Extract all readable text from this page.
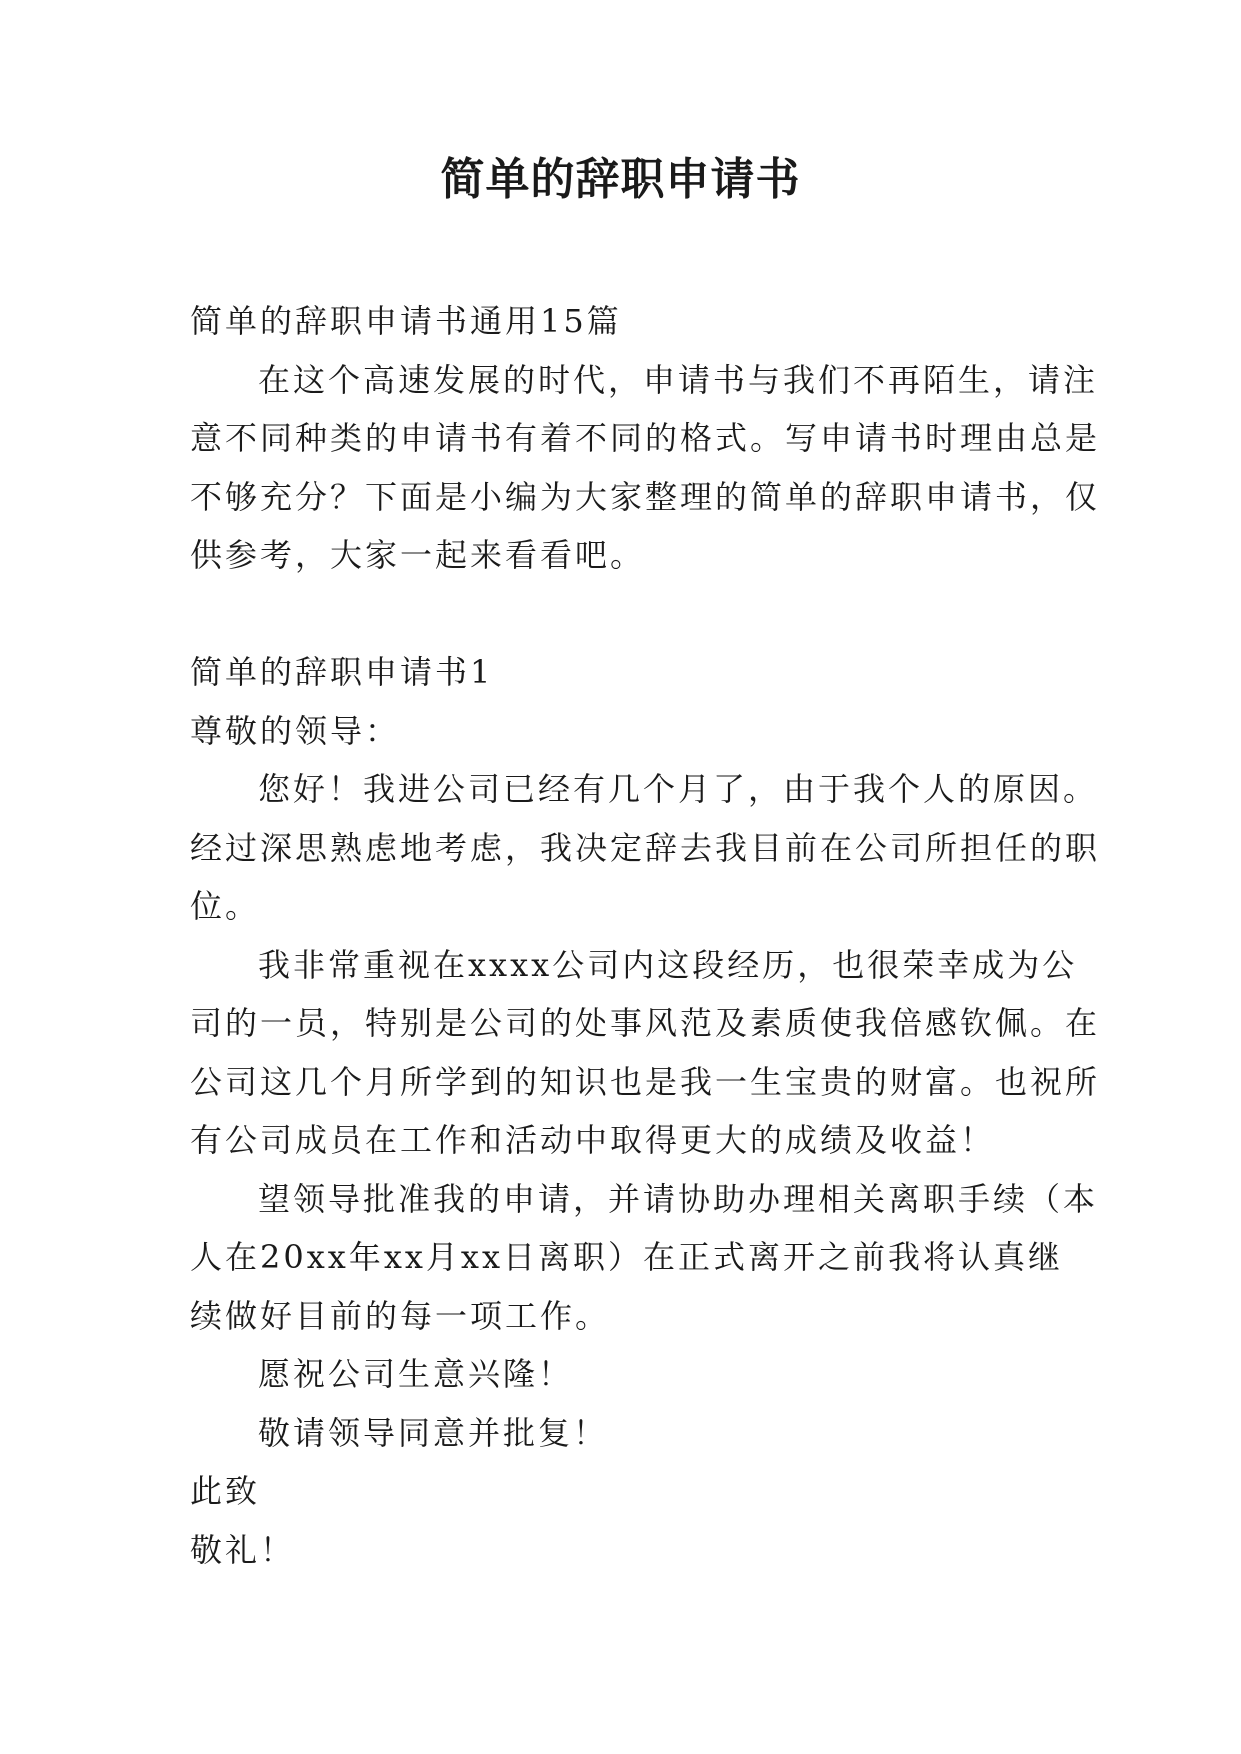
简单的辞职申请书
简单的辞职申请书通用15篇
在这个高速发展的时代，申请书与我们不再陌生，请注
意不同种类的申请书有着不同的格式。写申请书时理由总是
不够充分？下面是小编为大家整理的简单的辞职申请书，仅
供参考，大家一起来看看吧。
简单的辞职申请书1
尊敬的领导：
您好！我进公司已经有几个月了，由于我个人的原因。
经过深思熟虑地考虑，我决定辞去我目前在公司所担任的职
位。
我非常重视在xxxx公司内这段经历，也很荣幸成为公
司的一员，特别是公司的处事风范及素质使我倍感钦佩。在
公司这几个月所学到的知识也是我一生宝贵的财富。也祝所
有公司成员在工作和活动中取得更大的成绩及收益！
望领导批准我的申请，并请协助办理相关离职手续（本
人在20xx年xx月xx日离职）在正式离开之前我将认真继
续做好目前的每一项工作。
愿祝公司生意兴隆！
敬请领导同意并批复！
此致
敬礼！
